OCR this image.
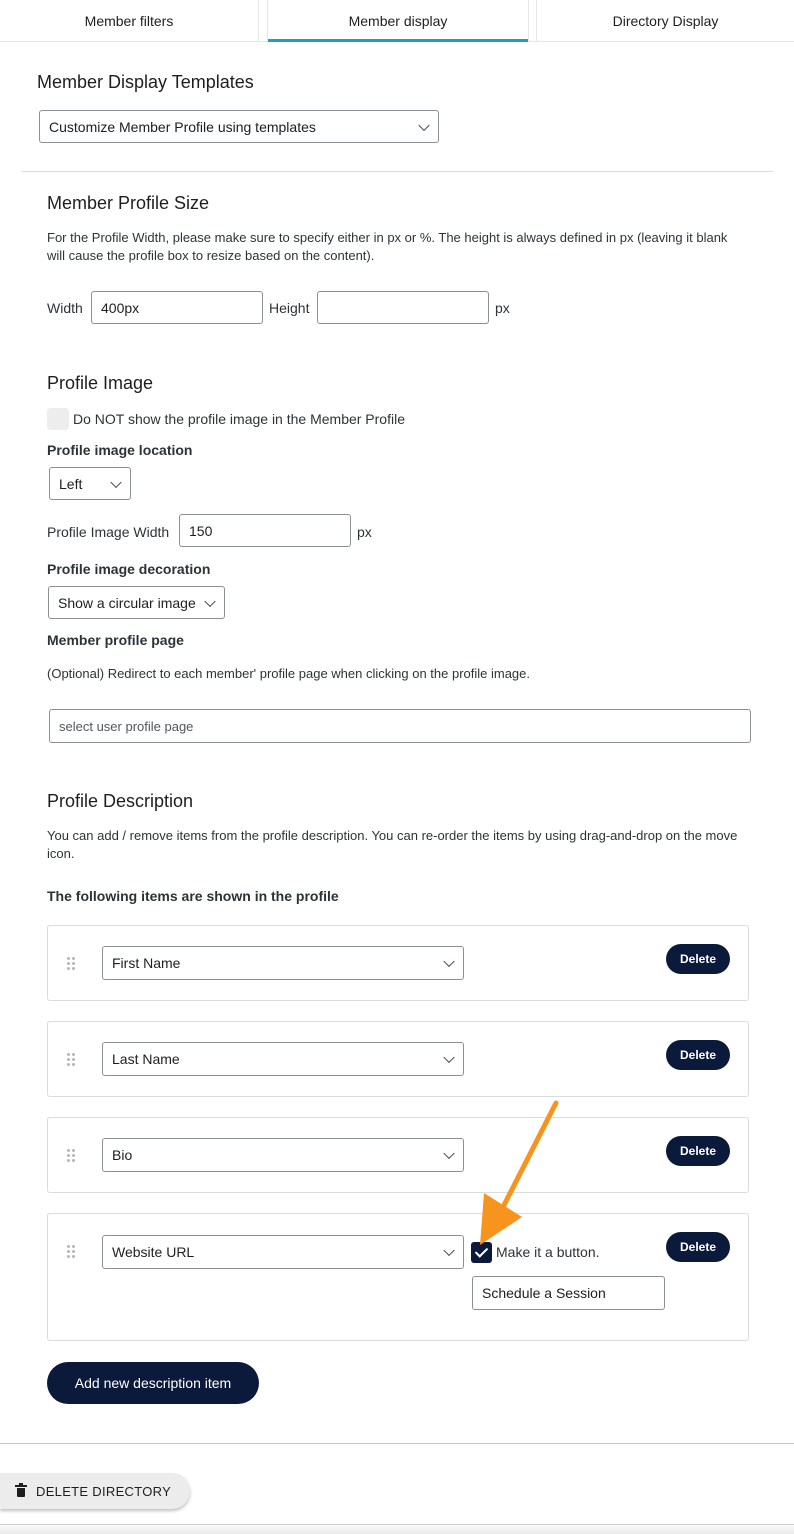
Member filters	Member display	Directory Display
Member Display Templates
Customize Member Profile using templates
Member Profile Size

For the Profile Width, please make sure to specify either in px or %. The height is always defined in px (leaving it blank will cause the profile box to resize based on the content).

Width 400px	Height	px
Profile Image
Do NOT show the profile image in the Member Profile
Profile image location
Left
Profile Image Width 150	px
Profile image decoration
Show a circular image
Member profile page

(Optional) Redirect to each member' profile page when clicking on the profile image.

select user profile page
Profile Description

You can add / remove items from the profile description. You can re-order the items by using drag-and-drop on the move icon.

The following items are shown in the profile
First Name	Delete
Last Name	Delete
Bio	Delete
Website URL	Make it a button.
Schedule a Session
Delete
Add new description item
DELETE DIRECTORY
